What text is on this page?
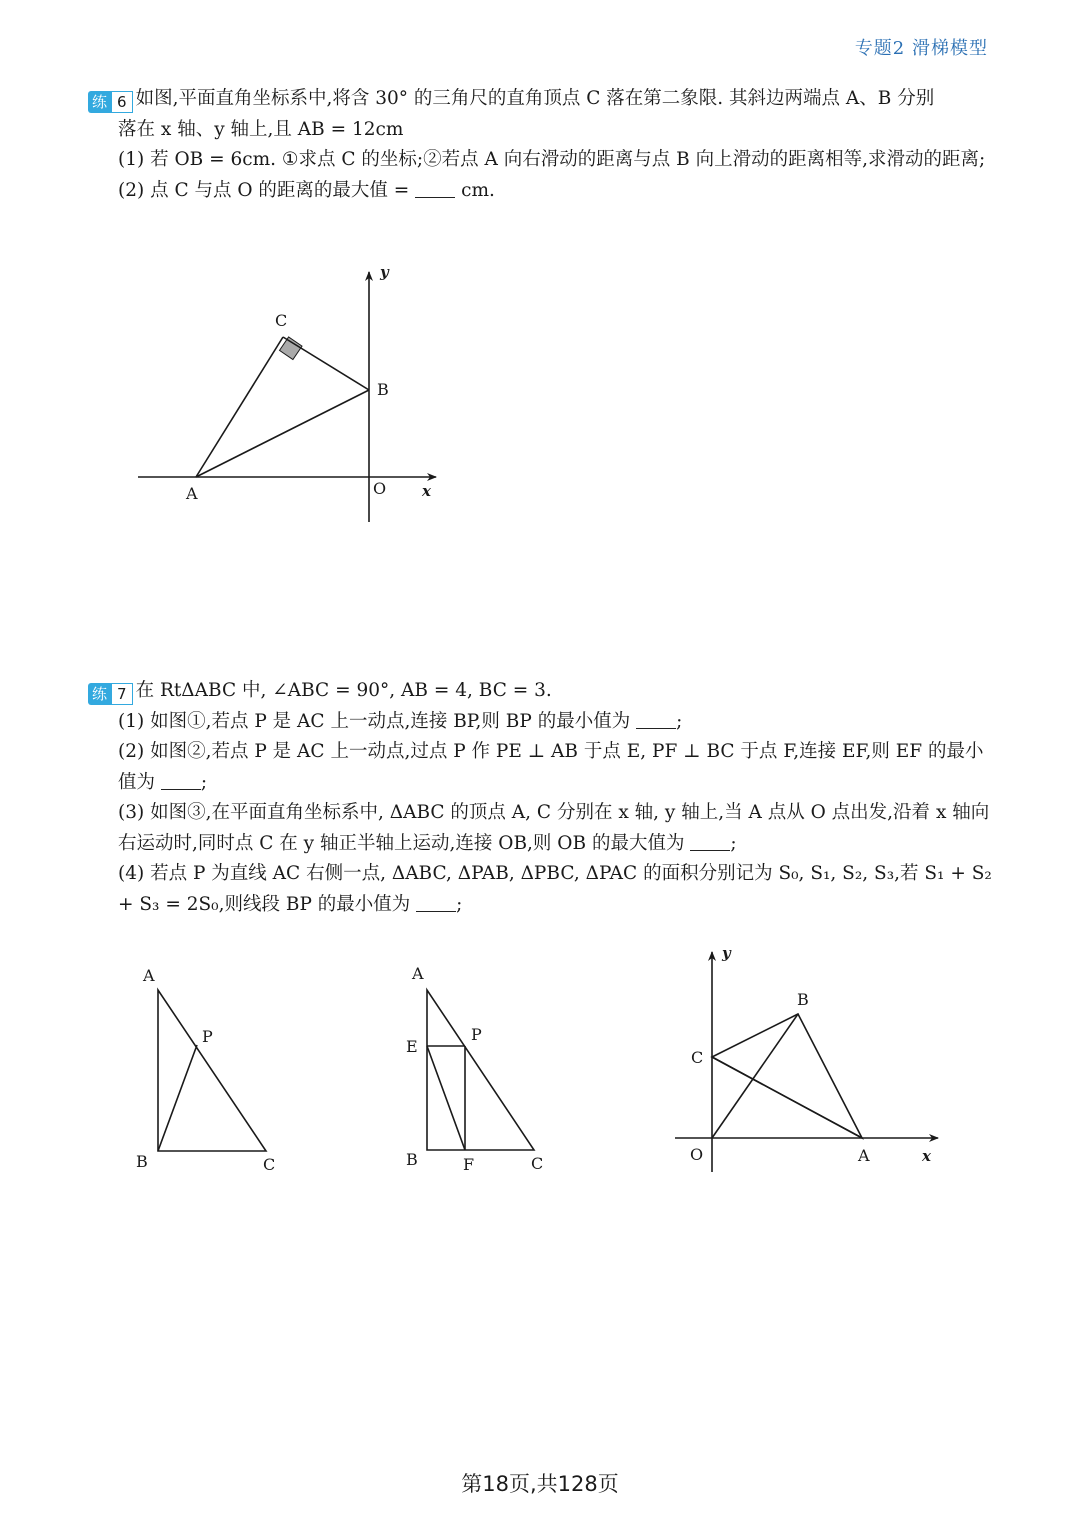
专题2 滑梯模型

练 6 如图,平面直角坐标系中,将含 30° 的三角尺的直角顶点 C 落在第二象限. 其斜边两端点 A、B 分别

落在 x 轴、y 轴上,且 AB = 12cm

(1) 若 OB = 6cm. ①求点 C 的坐标;②若点 A 向右滑动的距离与点 B 向上滑动的距离相等,求滑动的距离;

(2) 点 C 与点 O 的距离的最大值 =	cm.

C
B
A	O x
y
A
P
B	C
A
P
E
B	F	C
y
B
C
O	A	x

练 7 在 RtΔABC 中, ∠ABC = 90°, AB = 4, BC = 3.

(1) 如图①,若点 P 是 AC 上一动点,连接 BP,则 BP 的最小值为 ;

(2) 如图②,若点 P 是 AC 上一动点,过点 P 作 PE ⊥ AB 于点 E, PF ⊥ BC 于点 F,连接 EF,则 EF 的最小值为 ;

(3) 如图③,在平面直角坐标系中, ΔABC 的顶点 A, C 分别在 x 轴, y 轴上,当 A 点从 O 点出发,沿着 x 轴向右运动时,同时点 C 在 y 轴正半轴上运动,连接 OB,则 OB 的最大值为 ;

(4) 若点 P 为直线 AC 右侧一点, ΔABC, ΔPAB, ΔPBC, ΔPAC 的面积分别记为 S₀, S₁, S₂, S₃,若 S₁ + S₂ + S₃ = 2S₀,则线段 BP 的最小值为 ;

第18页,共128页
